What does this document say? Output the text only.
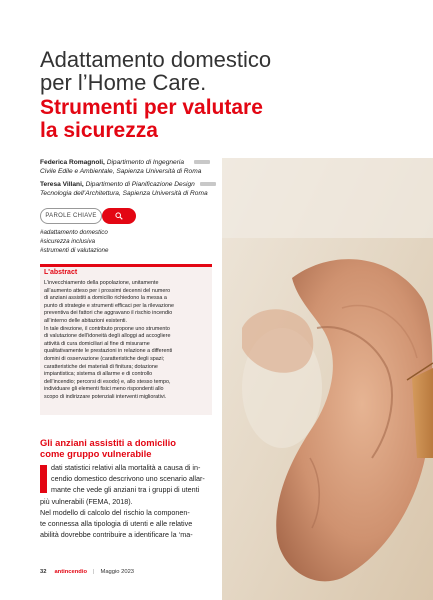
Adattamento domestico
per l’Home Care.
Strumenti per valutare
la sicurezza
Federica Romagnoli, Dipartimento di Ingegneria
Civile Edile e Ambientale, Sapienza Università di Roma
Teresa Villani, Dipartimento di Pianificazione Design
Tecnologia dell’Architettura, Sapienza Università di Roma
PAROLE CHIAVE
#adattamento domestico
#sicurezza inclusiva
#strumenti di valutazione
L'abstract
L’invecchiamento della popolazione, unitamente
all’aumento atteso per i prossimi decenni del numero
di anziani assistiti a domicilio richiedono la messa a
punto di strategie e strumenti efficaci per la rilevazione
preventiva dei fattori che aggravano il rischio incendio
all’interno delle abitazioni esistenti.
In tale direzione, il contributo propone uno strumento
di valutazione dell’idoneità degli alloggi ad accogliere
attività di cura domiciliari al fine di misurarne
qualitativamente le prestazioni in relazione a differenti
domini di osservazione (caratteristiche degli spazi;
caratteristiche dei materiali di finitura; dotazione
impiantistica; sistema di allarme e di controllo
dell’incendio; percorsi di esodo) e, allo stesso tempo,
individuare gli elementi fisici meno rispondenti allo
scopo di indirizzare potenziali interventi migliorativi.
Gli anziani assistiti a domicilio
come gruppo vulnerabile
dati statistici relativi alla mortalità a causa di in-
cendio domestico descrivono uno scenario allar-
mante che vede gli anziani tra i gruppi di utenti
più vulnerabili (FEMA, 2018).
Nel modello di calcolo del rischio la componen-
te connessa alla tipologia di utenti e alle relative
abilità dovrebbe contribuire a identificare la ‘ma-
32 antincendio | Maggio 2023
